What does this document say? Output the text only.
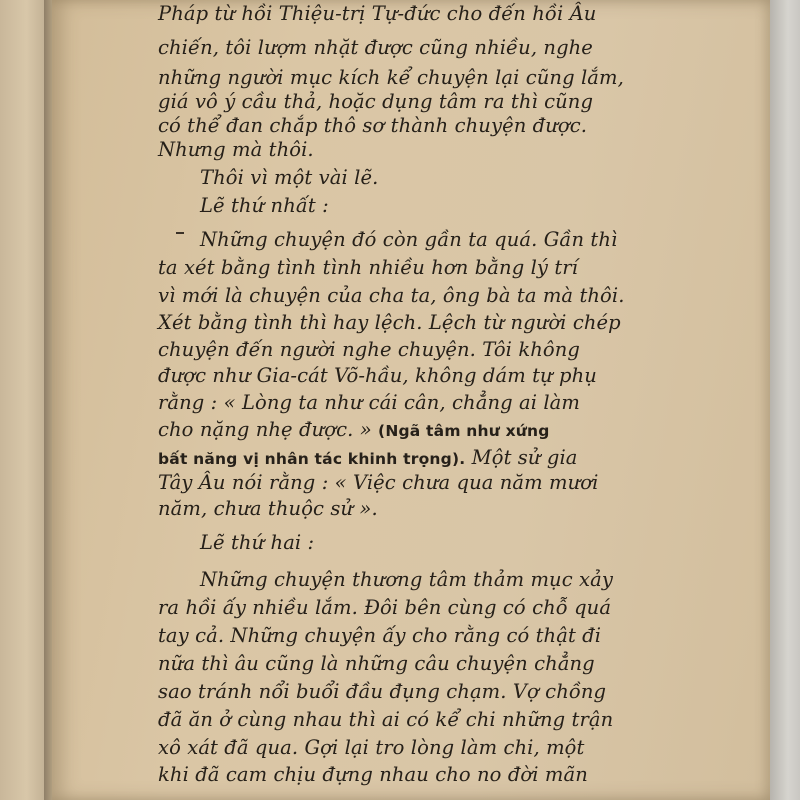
Pháp từ hồi Thiệu-trị Tự-đức cho đến hồi Âu
chiến, tôi lượm nhặt được cũng nhiều, nghe
những người mục kích kể chuyện lại cũng lắm,
giá vô ý cầu thả, hoặc dụng tâm ra thì cũng
có thể đan chắp thô sơ thành chuyện được.
Nhưng mà thôi.
Thôi vì một vài lẽ.
Lẽ thứ nhất :
Những chuyện đó còn gần ta quá. Gần thì
ta xét bằng tình tình nhiều hơn bằng lý trí
vì mới là chuyện của cha ta, ông bà ta mà thôi.
Xét bằng tình thì hay lệch. Lệch từ người chép
chuyện đến người nghe chuyện. Tôi không
được như Gia-cát Võ-hầu, không dám tự phụ
rằng : « Lòng ta như cái cân, chẳng ai làm
cho nặng nhẹ được. » (Ngã tâm như xứng
bất năng vị nhân tác khinh trọng). Một sử gia
Tây Âu nói rằng : « Việc chưa qua năm mươi
năm, chưa thuộc sử ».
Lẽ thứ hai :
Những chuyện thương tâm thảm mục xảy
ra hồi ấy nhiều lắm. Đôi bên cùng có chỗ quá
tay cả. Những chuyện ấy cho rằng có thật đi
nữa thì âu cũng là những câu chuyện chẳng
sao tránh nổi buổi đầu đụng chạm. Vợ chồng
đã ăn ở cùng nhau thì ai có kể chi những trận
xô xát đã qua. Gợi lại tro lòng làm chi, một
khi đã cam chịu đựng nhau cho no đời mãn
